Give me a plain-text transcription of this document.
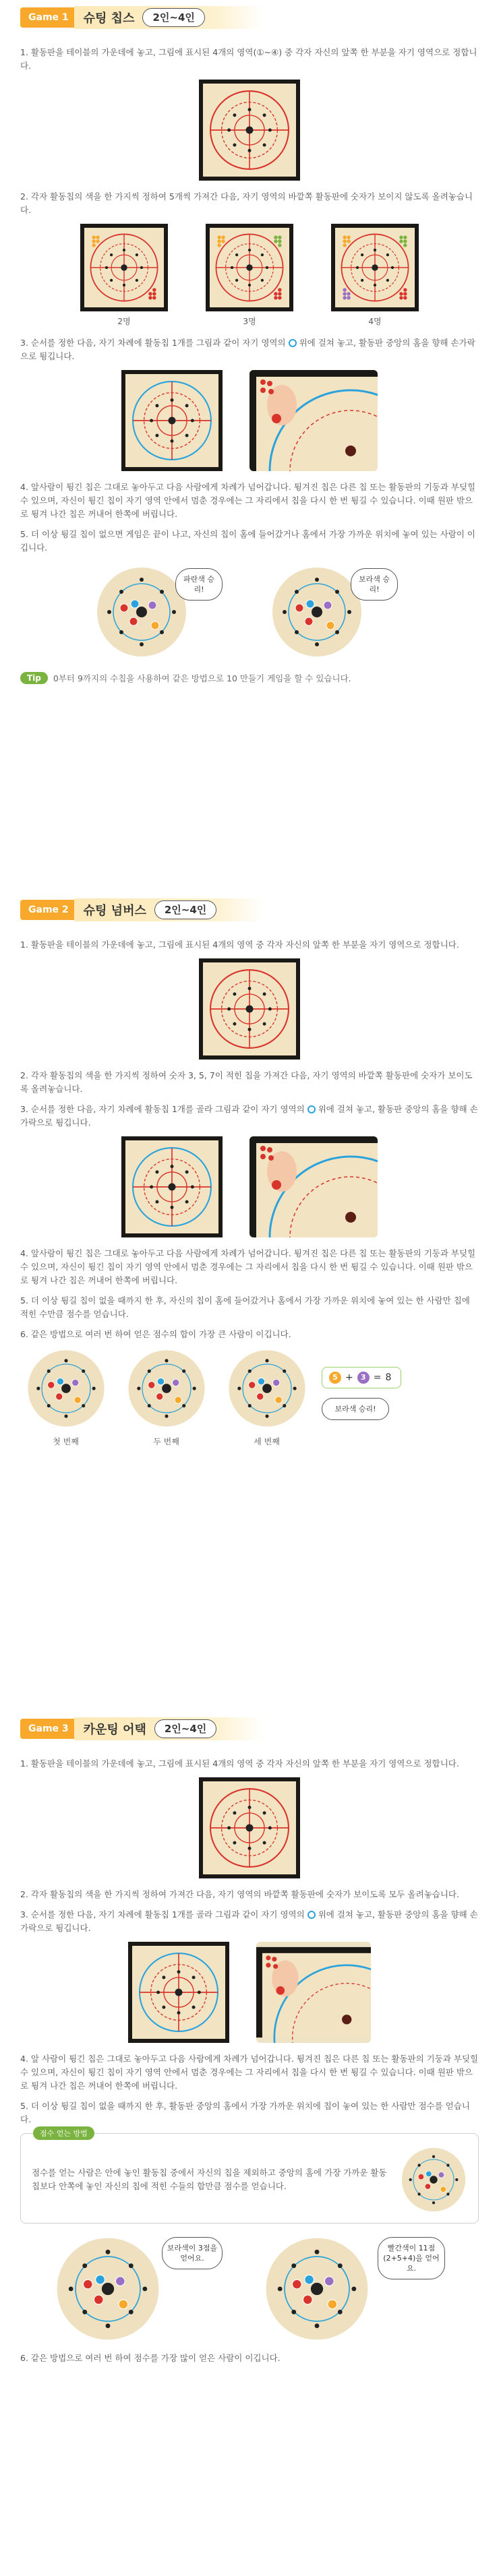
Game 1	슈팅 칩스	2인~4인

1. 활동판을 테이블의 가운데에 놓고, 그림에 표시된 4개의 영역(①~④) 중 각자 자신의 앞쪽 한 부분을 자기 영역으로 정합니다.

2. 각자 활동칩의 색을 한 가지씩 정하여 5개씩 가져간 다음, 자기 영역의 바깥쪽 활동판에 숫자가 보이지 않도록 올려놓습니다.

2명	3명	4명

3. 순서를 정한 다음, 자기 차례에 활동칩 1개를 그림과 같이 자기 영역의 위에 걸쳐 놓고, 활동판 중앙의 홈을 향해 손가락으로 튕깁니다.

4. 앞사람이 튕긴 칩은 그대로 놓아두고 다음 사람에게 차례가 넘어갑니다. 튕겨진 칩은 다른 칩 또는 활동판의 기둥과 부딪힐 수 있으며, 자신이 튕긴 칩이 자기 영역 안에서 멈춘 경우에는 그 자리에서 칩을 다시 한 번 튕길 수 있습니다. 이때 원판 밖으로 튕겨 나간 칩은 꺼내어 한쪽에 버립니다.

5. 더 이상 튕길 칩이 없으면 게임은 끝이 나고, 자신의 칩이 홈에 들어갔거나 홈에서 가장 가까운 위치에 놓여 있는 사람이 이깁니다.

파란색 승리!
보라색 승리!
Tip	0부터 9까지의 수칩을 사용하여 같은 방법으로 10 만들기 게임을 할 수 있습니다.
Game 2	슈팅 넘버스	2인~4인

1. 활동판을 테이블의 가운데에 놓고, 그림에 표시된 4개의 영역 중 각자 자신의 앞쪽 한 부분을 자기 영역으로 정합니다.

2. 각자 활동칩의 색을 한 가지씩 정하여 숫자 3, 5, 7이 적힌 칩을 가져간 다음, 자기 영역의 바깥쪽 활동판에 숫자가 보이도록 올려놓습니다.

3. 순서를 정한 다음, 자기 차례에 활동칩 1개를 골라 그림과 같이 자기 영역의 위에 걸쳐 놓고, 활동판 중앙의 홈을 향해 손가락으로 튕깁니다.

4. 앞사람이 튕긴 칩은 그대로 놓아두고 다음 사람에게 차례가 넘어갑니다. 튕겨진 칩은 다른 칩 또는 활동판의 기둥과 부딪힐 수 있으며, 자신이 튕긴 칩이 자기 영역 안에서 멈춘 경우에는 그 자리에서 칩을 다시 한 번 튕길 수 있습니다. 이때 원판 밖으로 튕겨 나간 칩은 꺼내어 한쪽에 버립니다.

5. 더 이상 튕길 칩이 없을 때까지 한 후, 자신의 칩이 홈에 들어갔거나 홈에서 가장 가까운 위치에 놓여 있는 한 사람만 칩에 적힌 수만큼 점수를 얻습니다.

6. 같은 방법으로 여러 번 하여 얻은 점수의 합이 가장 큰 사람이 이깁니다.

첫 번째	두 번째	세 번째
5 +	3 = 8
보라색 승리!
Game 3	카운팅 어택	2인~4인

1. 활동판을 테이블의 가운데에 놓고, 그림에 표시된 4개의 영역 중 각자 자신의 앞쪽 한 부분을 자기 영역으로 정합니다.

2. 각자 활동칩의 색을 한 가지씩 정하여 가져간 다음, 자기 영역의 바깥쪽 활동판에 숫자가 보이도록 모두 올려놓습니다.

3. 순서를 정한 다음, 자기 차례에 활동칩 1개를 골라 그림과 같이 자기 영역의 위에 걸쳐 놓고, 활동판 중앙의 홈을 향해 손가락으로 튕깁니다.

4. 앞 사람이 튕긴 칩은 그대로 놓아두고 다음 사람에게 차례가 넘어갑니다. 튕겨진 칩은 다른 칩 또는 활동판의 기둥과 부딪힐 수 있으며, 자신이 튕긴 칩이 자기 영역 안에서 멈춘 경우에는 그 자리에서 칩을 다시 한 번 튕길 수 있습니다. 이때 원판 밖으로 튕겨 나간 칩은 꺼내어 한쪽에 버립니다.

5. 더 이상 튕길 칩이 없을 때까지 한 후, 활동판 중앙의 홈에서 가장 가까운 위치에 칩이 놓여 있는 한 사람만 점수를 얻습니다.

점수 얻는 방법

점수를 얻는 사람은 안에 놓인 활동칩 중에서 자신의 칩을 제외하고 중앙의 홈에 가장 가까운 활동칩보다 안쪽에 놓인 자신의 칩에 적힌 수들의 합만큼 점수를 얻습니다.

보라색이 3점을 얻어요.
빨간색이 11점(2+5+4)을 얻어요.

6. 같은 방법으로 여러 번 하여 점수를 가장 많이 얻은 사람이 이깁니다.
